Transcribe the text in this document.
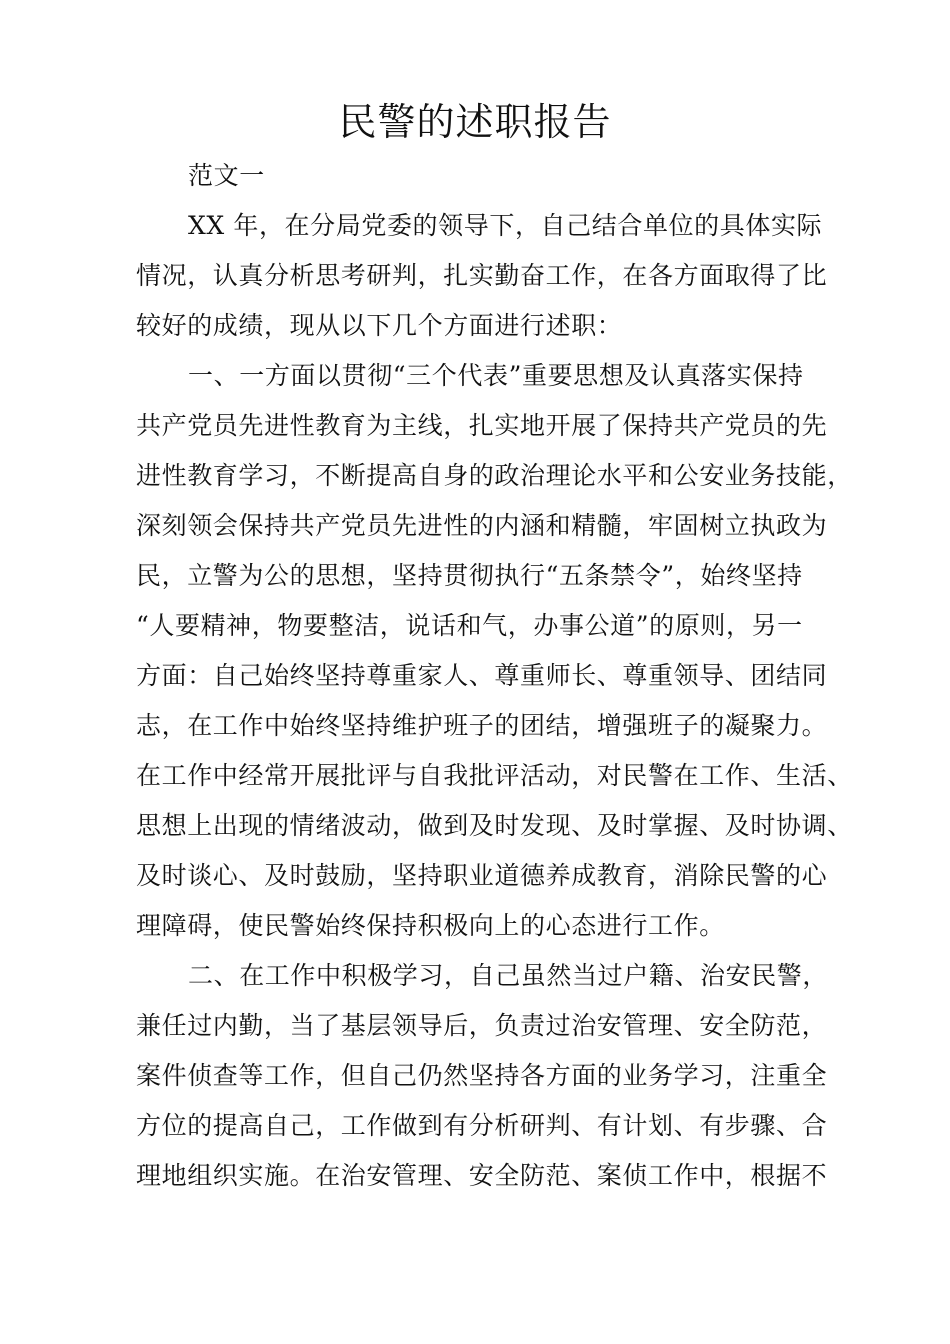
民警的述职报告
范文一
XX 年，在分局党委的领导下，自己结合单位的具体实际
情况，认真分析思考研判，扎实勤奋工作，在各方面取得了比
较好的成绩，现从以下几个方面进行述职：
一、一方面以贯彻“三个代表”重要思想及认真落实保持
共产党员先进性教育为主线，扎实地开展了保持共产党员的先
进性教育学习，不断提高自身的政治理论水平和公安业务技能，
深刻领会保持共产党员先进性的内涵和精髓，牢固树立执政为
民，立警为公的思想，坚持贯彻执行“五条禁令”，始终坚持
“人要精神，物要整洁，说话和气，办事公道”的原则，另一
方面：自己始终坚持尊重家人、尊重师长、尊重领导、团结同
志，在工作中始终坚持维护班子的团结，增强班子的凝聚力。
在工作中经常开展批评与自我批评活动，对民警在工作、生活、
思想上出现的情绪波动，做到及时发现、及时掌握、及时协调、
及时谈心、及时鼓励，坚持职业道德养成教育，消除民警的心
理障碍，使民警始终保持积极向上的心态进行工作。
二、在工作中积极学习，自己虽然当过户籍、治安民警，
兼任过内勤，当了基层领导后，负责过治安管理、安全防范，
案件侦查等工作，但自己仍然坚持各方面的业务学习，注重全
方位的提高自己，工作做到有分析研判、有计划、有步骤、合
理地组织实施。在治安管理、安全防范、案侦工作中，根据不
